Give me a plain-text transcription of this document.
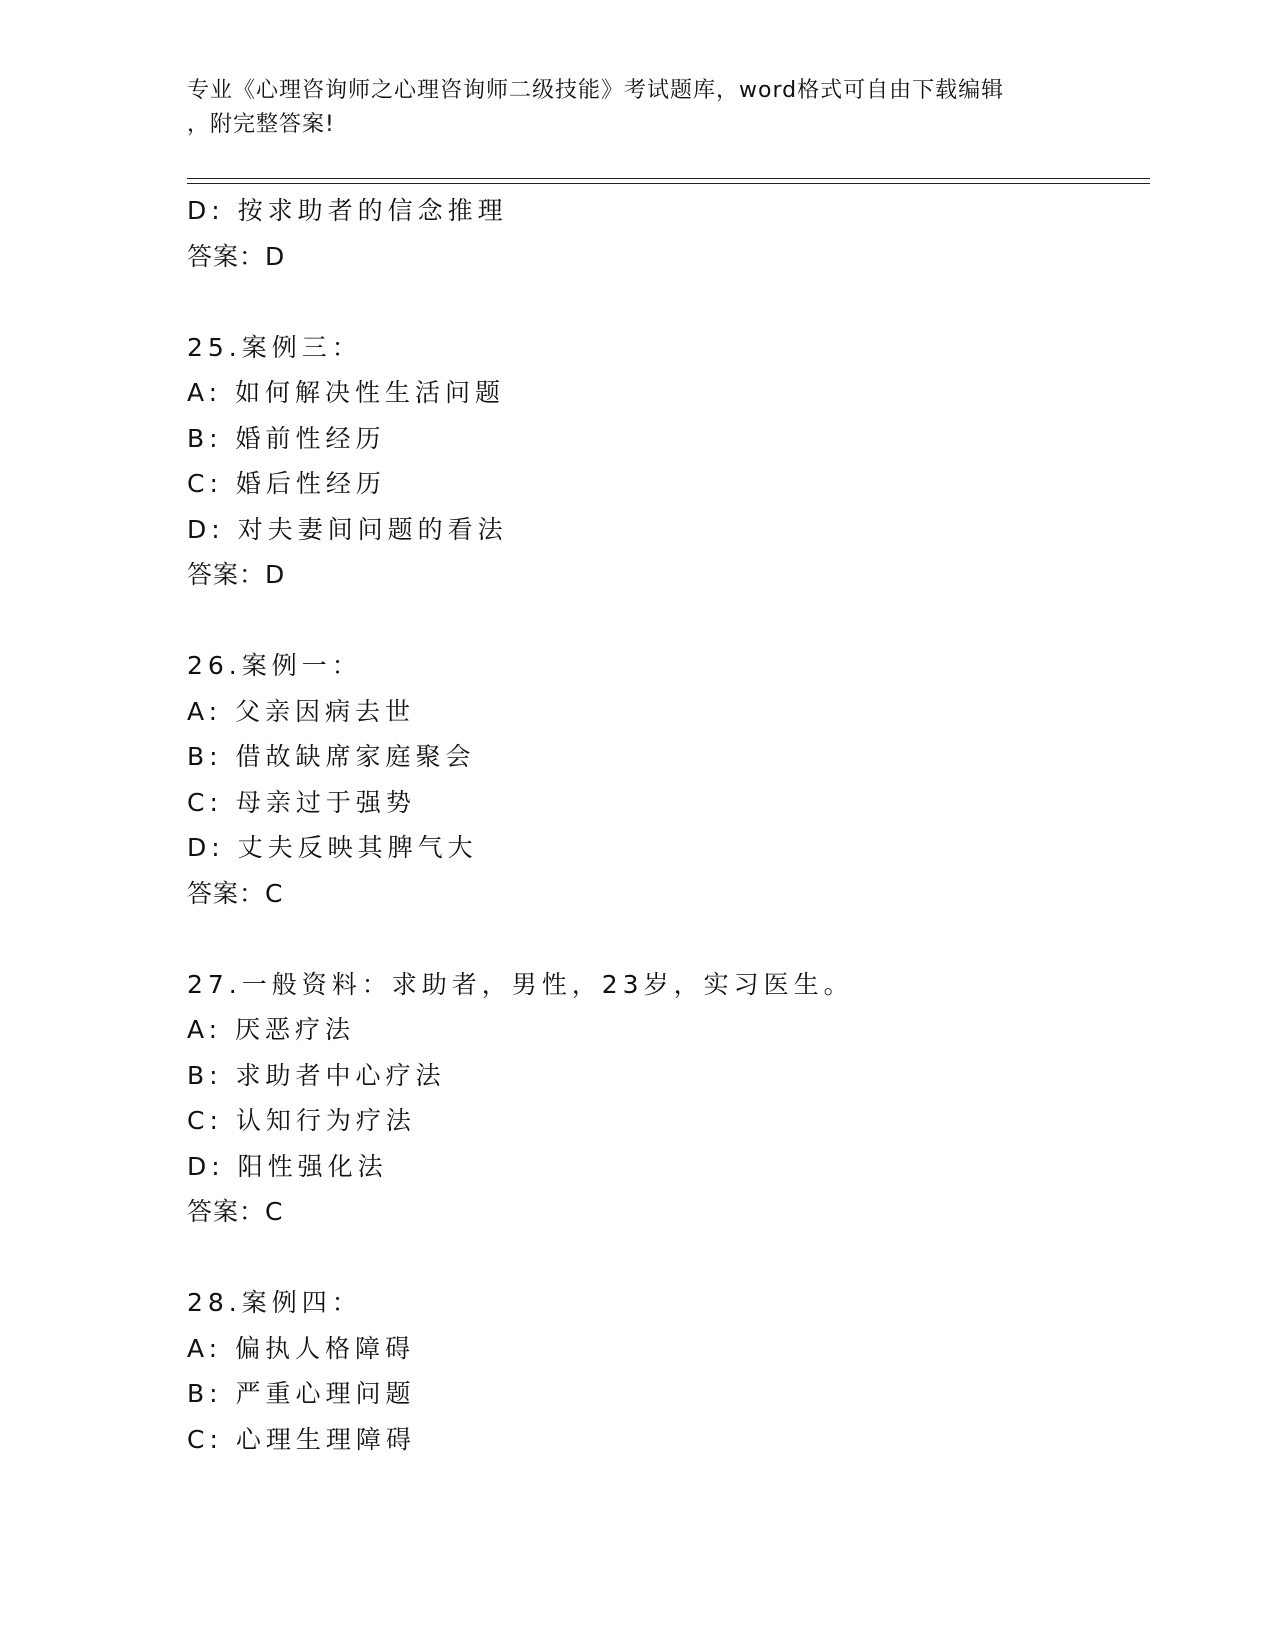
专业《心理咨询师之心理咨询师二级技能》考试题库，word格式可自由下载编辑
，附完整答案!
D: 按求助者的信念推理
答案：D
25.案例三：
A: 如何解决性生活问题
B: 婚前性经历
C: 婚后性经历
D: 对夫妻间问题的看法
答案：D
26.案例一：
A: 父亲因病去世
B: 借故缺席家庭聚会
C: 母亲过于强势
D: 丈夫反映其脾气大
答案：C
27.一般资料：求助者，男性，23岁，实习医生。
A: 厌恶疗法
B: 求助者中心疗法
C: 认知行为疗法
D: 阳性强化法
答案：C
28.案例四：
A: 偏执人格障碍
B: 严重心理问题
C: 心理生理障碍
